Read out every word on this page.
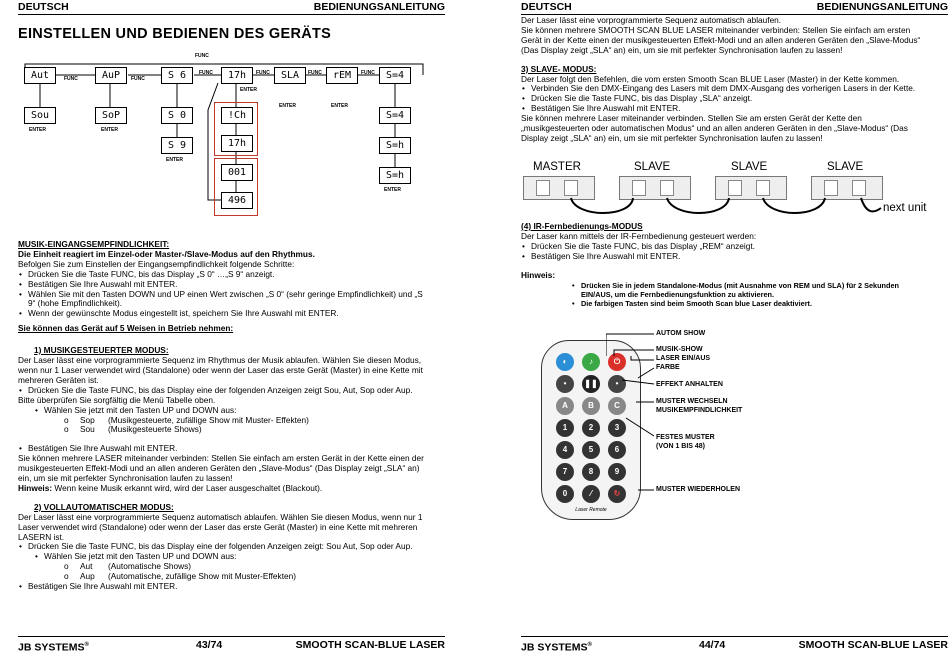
DEUTSCH	BEDIENUNGSANLEITUNG
EINSTELLEN UND BEDIENEN DES GERÄTS
FUNC
FUNC	FUNC
FUNC	FUNC	FUNC	FUNC
Aut	AuP	S 6	17h	SLA	rEM	S=4
ENTER	ENTER
ENTER
Sou	SoP
ENTER	ENTER
S 0
S 9
ENTER
!Ch
17h
001
496
S=4
S=h
S=h
ENTER

MUSIK-EINGANGSEMPFINDLICHKEIT:

Die Einheit reagiert im Einzel-oder Master-/Slave-Modus auf den Rhythmus.

Befolgen Sie zum Einstellen der Eingangsempfindlichkeit folgende Schritte:

• Drücken Sie die Taste FUNC, bis das Display „S 0“ …„S 9“ anzeigt.
• Bestätigen Sie Ihre Auswahl mit ENTER.
• Wählen Sie mit den Tasten DOWN und UP einen Wert zwischen „S 0“ (sehr geringe Empfindlichkeit) und „S 9“ (hohe Empfindlichkeit).
• Wenn der gewünschte Modus eingestellt ist, speichern Sie Ihre Auswahl mit ENTER.

Sie können das Gerät auf 5 Weisen in Betrieb nehmen:

1) MUSIKGESTEUERTER MODUS:

Der Laser lässt eine vorprogrammierte Sequenz im Rhythmus der Musik ablaufen. Wählen Sie diesen Modus, wenn nur 1 Laser verwendet wird (Standalone) oder wenn der Laser das erste Gerät (Master) in eine Kette mit mehreren Geräten ist.

• Drücken Sie die Taste FUNC, bis das Display eine der folgenden Anzeigen zeigt Sou, Aut, Sop oder Aup.

Bitte überprüfen Sie sorgfältig die Menü Tabelle oben.

• Wählen Sie jetzt mit den Tasten UP und DOWN aus:
o Sop (Musikgesteuerte, zufällige Show mit Muster- Effekten)
o Sou (Musikgesteuerte Shows)
• Bestätigen Sie Ihre Auswahl mit ENTER.

Sie können mehrere LASER miteinander verbinden: Stellen Sie einfach am ersten Gerät in der Kette einen der musikgesteuerten Effekt-Modi und an allen anderen Geräten den „Slave-Modus“ (Das Display zeigt „SLA“ an) ein, um sie mit perfekter Synchronisation laufen zu lassen!

Hinweis: Wenn keine Musik erkannt wird, wird der Laser ausgeschaltet (Blackout).

2) VOLLAUTOMATISCHER MODUS:

Der Laser lässt eine vorprogrammierte Sequenz automatisch ablaufen. Wählen Sie diesen Modus, wenn nur 1 Laser verwendet wird (Standalone) oder wenn der Laser das erste Gerät (Master) in eine Kette mit mehreren LASERN ist.

• Drücken Sie die Taste FUNC, bis das Display eine der folgenden Anzeigen zeigt: Sou Aut, Sop oder Aup.
• Wählen Sie jetzt mit den Tasten UP und DOWN aus:
o Aut (Automatische Shows)
o Aup (Automatische, zufällige Show mit Muster-Effekten)
• Bestätigen Sie Ihre Auswahl mit ENTER.
JB SYSTEMS®	43/74	SMOOTH SCAN-BLUE LASER
DEUTSCH	BEDIENUNGSANLEITUNG

Der Laser lässt eine vorprogrammierte Sequenz automatisch ablaufen.

Sie können mehrere SMOOTH SCAN BLUE LASER miteinander verbinden: Stellen Sie einfach am ersten Gerät in der Kette einen der musikgesteuerten Effekt-Modi und an allen anderen Geräten den „Slave-Modus“ (Das Display zeigt „SLA“ an) ein, um sie mit perfekter Synchronisation laufen zu lassen!

3) SLAVE- MODUS:

Der Laser folgt den Befehlen, die vom ersten Smooth Scan BLUE Laser (Master) in der Kette kommen.

• Verbinden Sie den DMX-Eingang des Lasers mit dem DMX-Ausgang des vorherigen Lasers in der Kette.
• Drücken Sie die Taste FUNC, bis das Display „SLA“ anzeigt.
• Bestätigen Sie Ihre Auswahl mit ENTER.

Sie können mehrere Laser miteinander verbinden. Stellen Sie am ersten Gerät der Kette den „musikgesteuerten oder automatischen Modus“ und an allen anderen Geräten in den „Slave-Modus“ (Das Display zeigt „SLA“ an) ein, um sie mit perfekter Synchronisation laufen zu lassen!

MASTER	SLAVE	SLAVE	SLAVE
next unit

(4) IR-Fernbedienungs-MODUS

Der Laser kann mittels der IR-Fernbedienung gesteuert werden:

• Drücken Sie die Taste FUNC, bis das Display „REM“ anzeigt.
• Bestätigen Sie Ihre Auswahl mit ENTER.

Hinweis:

• Drücken Sie in jedem Standalone-Modus (mit Ausnahme von REM und SLA) für 2 Sekunden EIN/AUS, um die Fernbedienungsfunktion zu aktivieren.
• Die farbigen Tasten sind beim Smooth Scan blue Laser deaktiviert.
◐	♪	⏻
•	❚❚	•
A	B	C
1	2	3
4	5	6
7	8	9
0	⁄	↻
Laser Remote
AUTOM SHOW
MUSIK-SHOW
LASER EIN/AUS
FARBE
EFFEKT ANHALTEN
MUSTER WECHSELN
MUSIKEMPFINDLICHKEIT
FESTES MUSTER
(VON 1 BIS 48)
MUSTER WIEDERHOLEN
JB SYSTEMS®	44/74	SMOOTH SCAN-BLUE LASER
